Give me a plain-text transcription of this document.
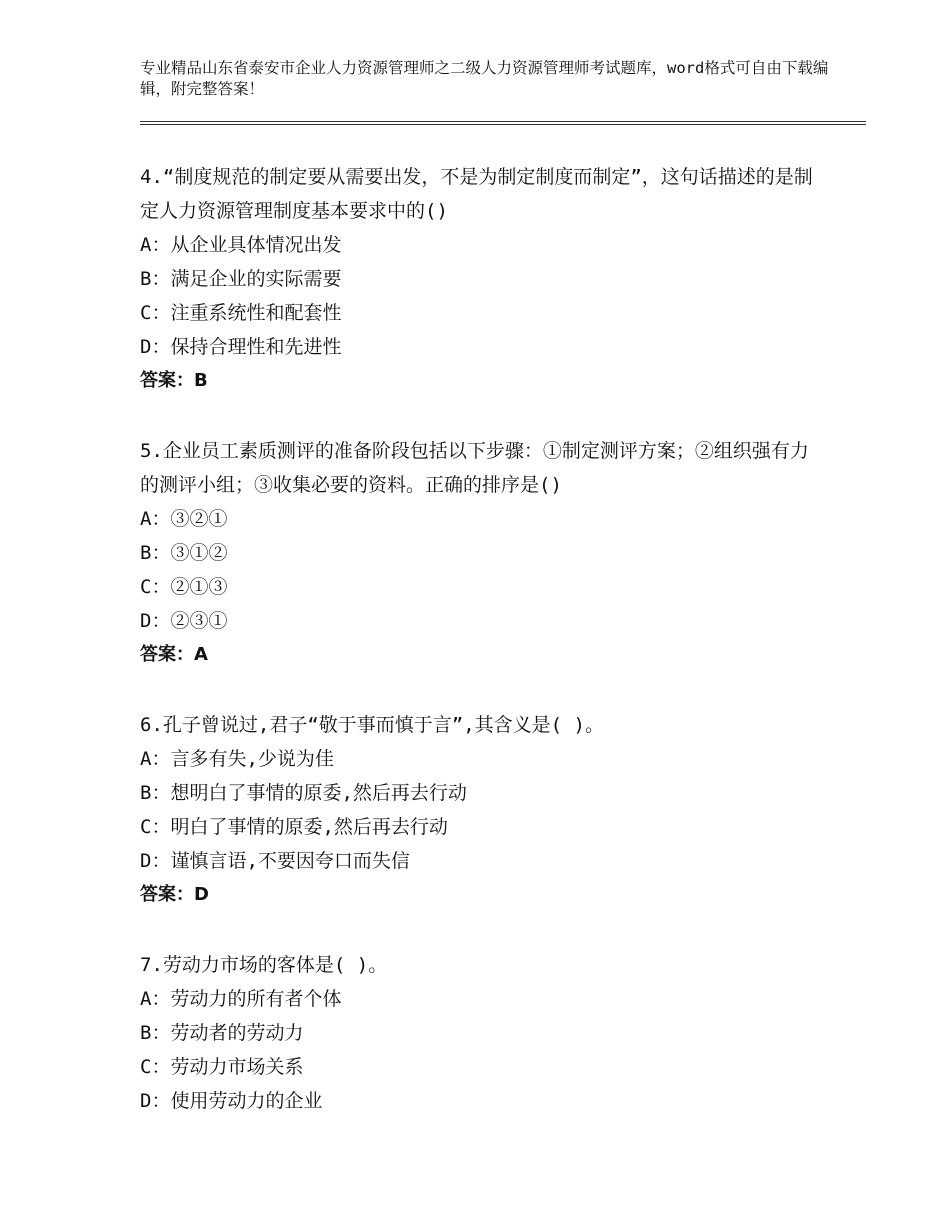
专业精品山东省泰安市企业人力资源管理师之二级人力资源管理师考试题库，word格式可自由下载编辑，附完整答案！
4.“制度规范的制定要从需要出发，不是为制定制度而制定”，这句话描述的是制定人力资源管理制度基本要求中的()
A：从企业具体情况出发
B：满足企业的实际需要
C：注重系统性和配套性
D：保持合理性和先进性
答案：B
5.企业员工素质测评的准备阶段包括以下步骤：①制定测评方案；②组织强有力的测评小组；③收集必要的资料。正确的排序是()
A：③②①
B：③①②
C：②①③
D：②③①
答案：A
6.孔子曾说过,君子“敬于事而慎于言”,其含义是( )。
A：言多有失,少说为佳
B：想明白了事情的原委,然后再去行动
C：明白了事情的原委,然后再去行动
D：谨慎言语,不要因夸口而失信
答案：D
7.劳动力市场的客体是( )。
A：劳动力的所有者个体
B：劳动者的劳动力
C：劳动力市场关系
D：使用劳动力的企业
